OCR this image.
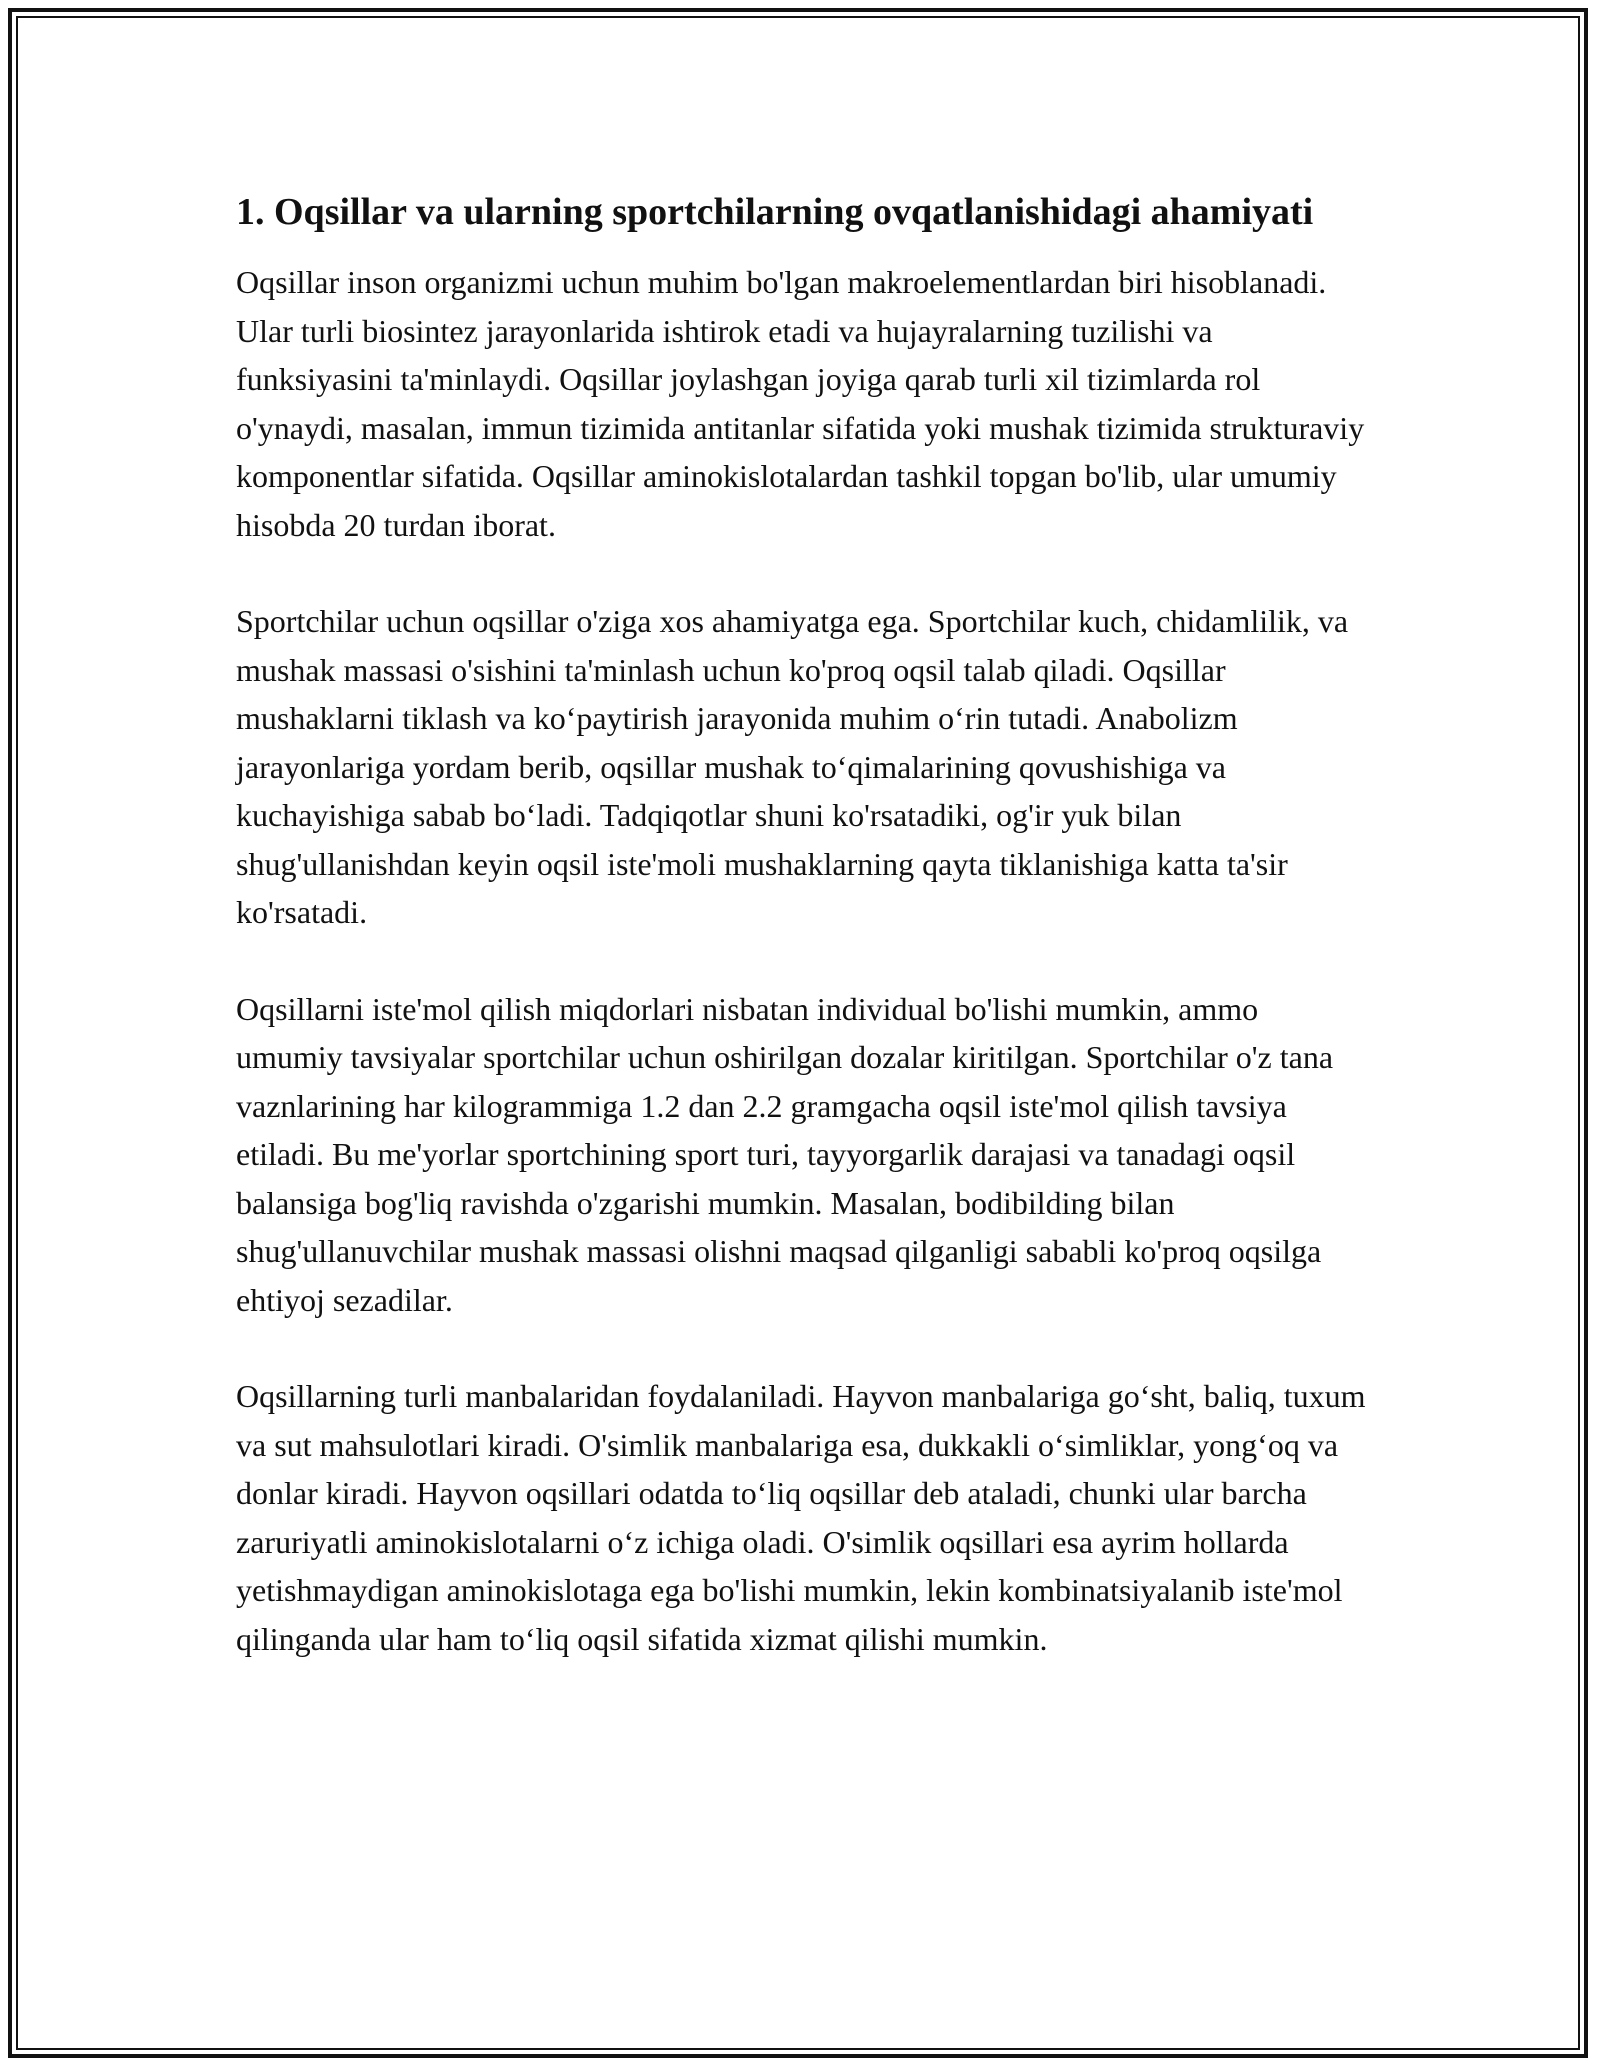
1. Oqsillar va ularning sportchilarning ovqatlanishidagi ahamiyati

Oqsillar inson organizmi uchun muhim bo'lgan makroelementlardan biri hisoblanadi. Ular turli biosintez jarayonlarida ishtirok etadi va hujayralarning tuzilishi va funksiyasini ta'minlaydi. Oqsillar joylashgan joyiga qarab turli xil tizimlarda rol o'ynaydi, masalan, immun tizimida antitanlar sifatida yoki mushak tizimida strukturaviy komponentlar sifatida. Oqsillar aminokislotalardan tashkil topgan bo'lib, ular umumiy hisobda 20 turdan iborat.

Sportchilar uchun oqsillar o'ziga xos ahamiyatga ega. Sportchilar kuch, chidamlilik, va mushak massasi o'sishini ta'minlash uchun ko'proq oqsil talab qiladi. Oqsillar mushaklarni tiklash va ko‘paytirish jarayonida muhim o‘rin tutadi. Anabolizm jarayonlariga yordam berib, oqsillar mushak to‘qimalarining qovushishiga va kuchayishiga sabab bo‘ladi. Tadqiqotlar shuni ko'rsatadiki, og'ir yuk bilan shug'ullanishdan keyin oqsil iste'moli mushaklarning qayta tiklanishiga katta ta'sir ko'rsatadi.

Oqsillarni iste'mol qilish miqdorlari nisbatan individual bo'lishi mumkin, ammo umumiy tavsiyalar sportchilar uchun oshirilgan dozalar kiritilgan. Sportchilar o'z tana vaznlarining har kilogrammiga 1.2 dan 2.2 gramgacha oqsil iste'mol qilish tavsiya etiladi. Bu me'yorlar sportchining sport turi, tayyorgarlik darajasi va tanadagi oqsil balansiga bog'liq ravishda o'zgarishi mumkin. Masalan, bodibilding bilan shug'ullanuvchilar mushak massasi olishni maqsad qilganligi sababli ko'proq oqsilga ehtiyoj sezadilar.

Oqsillarning turli manbalaridan foydalaniladi. Hayvon manbalariga go‘sht, baliq, tuxum va sut mahsulotlari kiradi. O'simlik manbalariga esa, dukkakli o‘simliklar, yong‘oq va donlar kiradi. Hayvon oqsillari odatda to‘liq oqsillar deb ataladi, chunki ular barcha zaruriyatli aminokislotalarni o‘z ichiga oladi. O'simlik oqsillari esa ayrim hollarda yetishmaydigan aminokislotaga ega bo'lishi mumkin, lekin kombinatsiyalanib iste'mol qilinganda ular ham to‘liq oqsil sifatida xizmat qilishi mumkin.
